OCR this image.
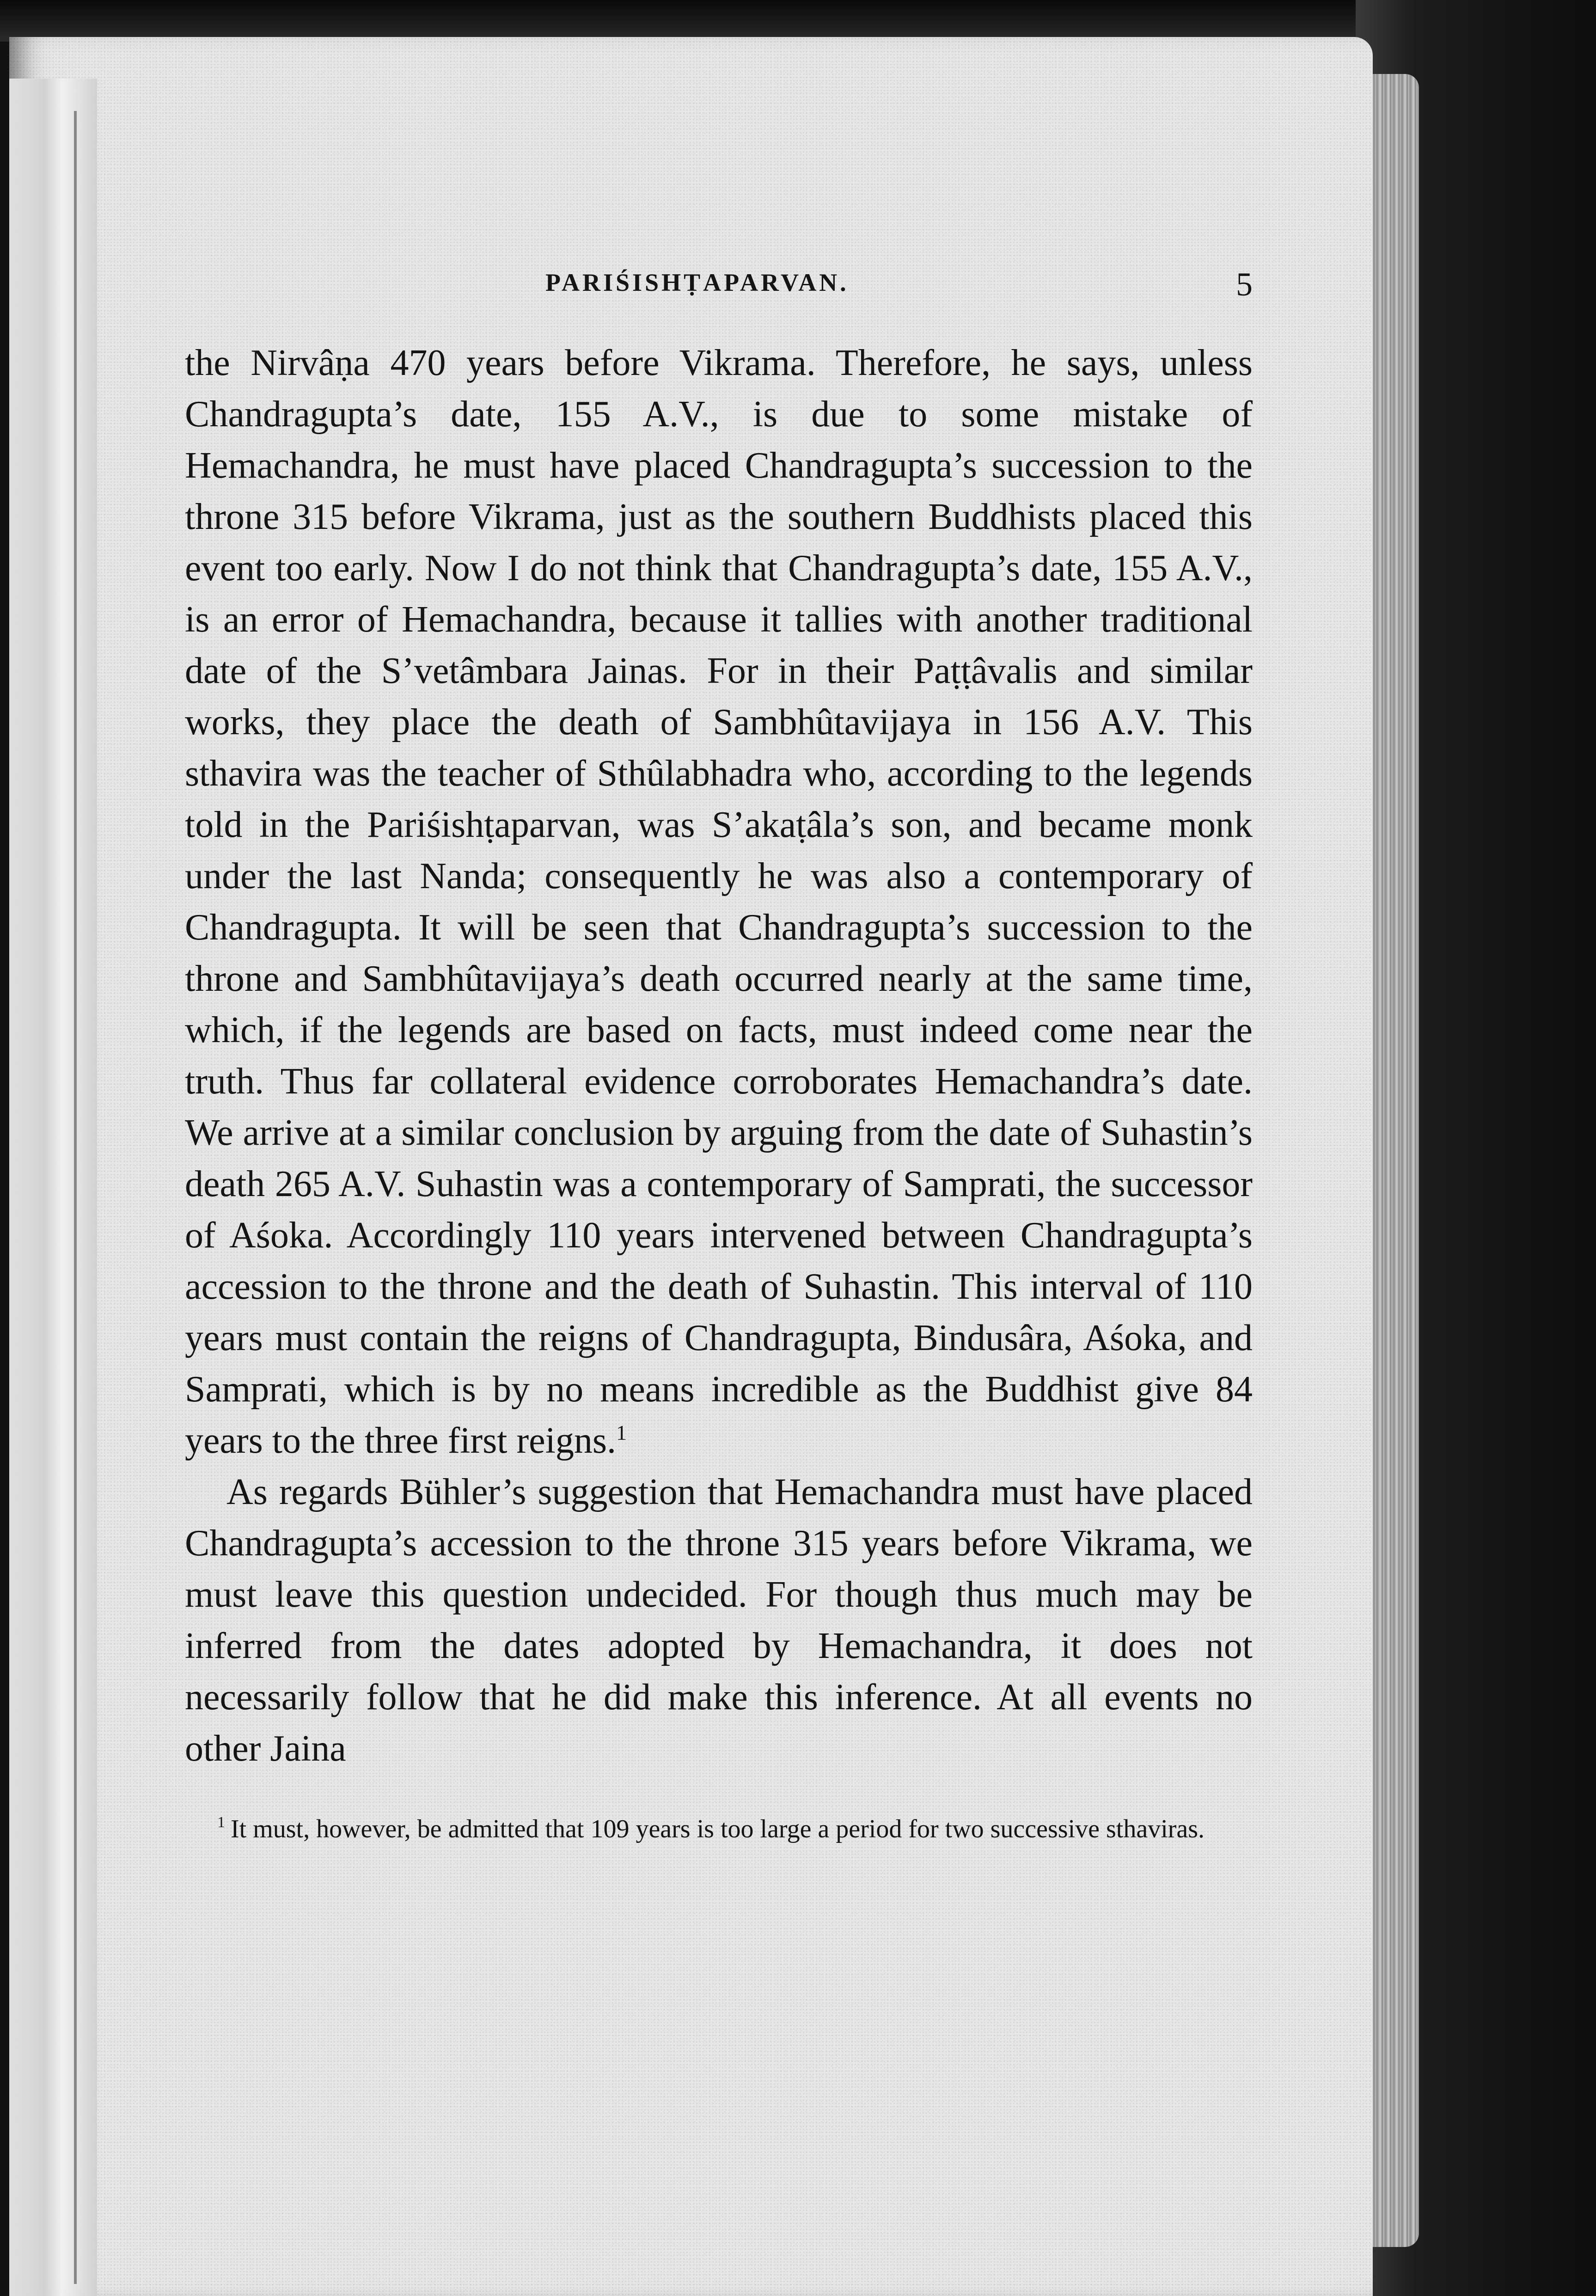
PARIŚISHṬAPARVAN.	5

the Nirvâṇa 470 years before Vikrama. Therefore, he says, unless Chandragupta’s date, 155 A.V., is due to some mistake of Hemachandra, he must have placed Chandragupta’s succession to the throne 315 before Vikrama, just as the southern Buddhists placed this event too early. Now I do not think that Chandragupta’s date, 155 A.V., is an error of Hemachandra, because it tallies with another traditional date of the S’vetâmbara Jainas. For in their Paṭṭâvalis and similar works, they place the death of Sambhûtavijaya in 156 A.V. This sthavira was the teacher of Sthûlabhadra who, according to the legends told in the Pariśishṭaparvan, was S’akaṭâla’s son, and became monk under the last Nanda; consequently he was also a contemporary of Chandragupta. It will be seen that Chandragupta’s succession to the throne and Sambhûtavijaya’s death occurred nearly at the same time, which, if the legends are based on facts, must indeed come near the truth. Thus far collateral evidence corroborates Hemachandra’s date. We arrive at a similar conclusion by arguing from the date of Suhastin’s death 265 A.V. Suhastin was a contemporary of Samprati, the successor of Aśoka. Accordingly 110 years intervened between Chandragupta’s accession to the throne and the death of Suhastin. This interval of 110 years must contain the reigns of Chandragupta, Bindusâra, Aśoka, and Samprati, which is by no means incredible as the Buddhist give 84 years to the three first reigns.$^1$

As regards Bühler’s suggestion that Hemachandra must have placed Chandragupta’s accession to the throne 315 years before Vikrama, we must leave this question undecided. For though thus much may be inferred from the dates adopted by Hemachandra, it does not necessarily follow that he did make this inference. At all events no other Jaina

$^1$ It must, however, be admitted that 109 years is too large a period for two successive sthaviras.
